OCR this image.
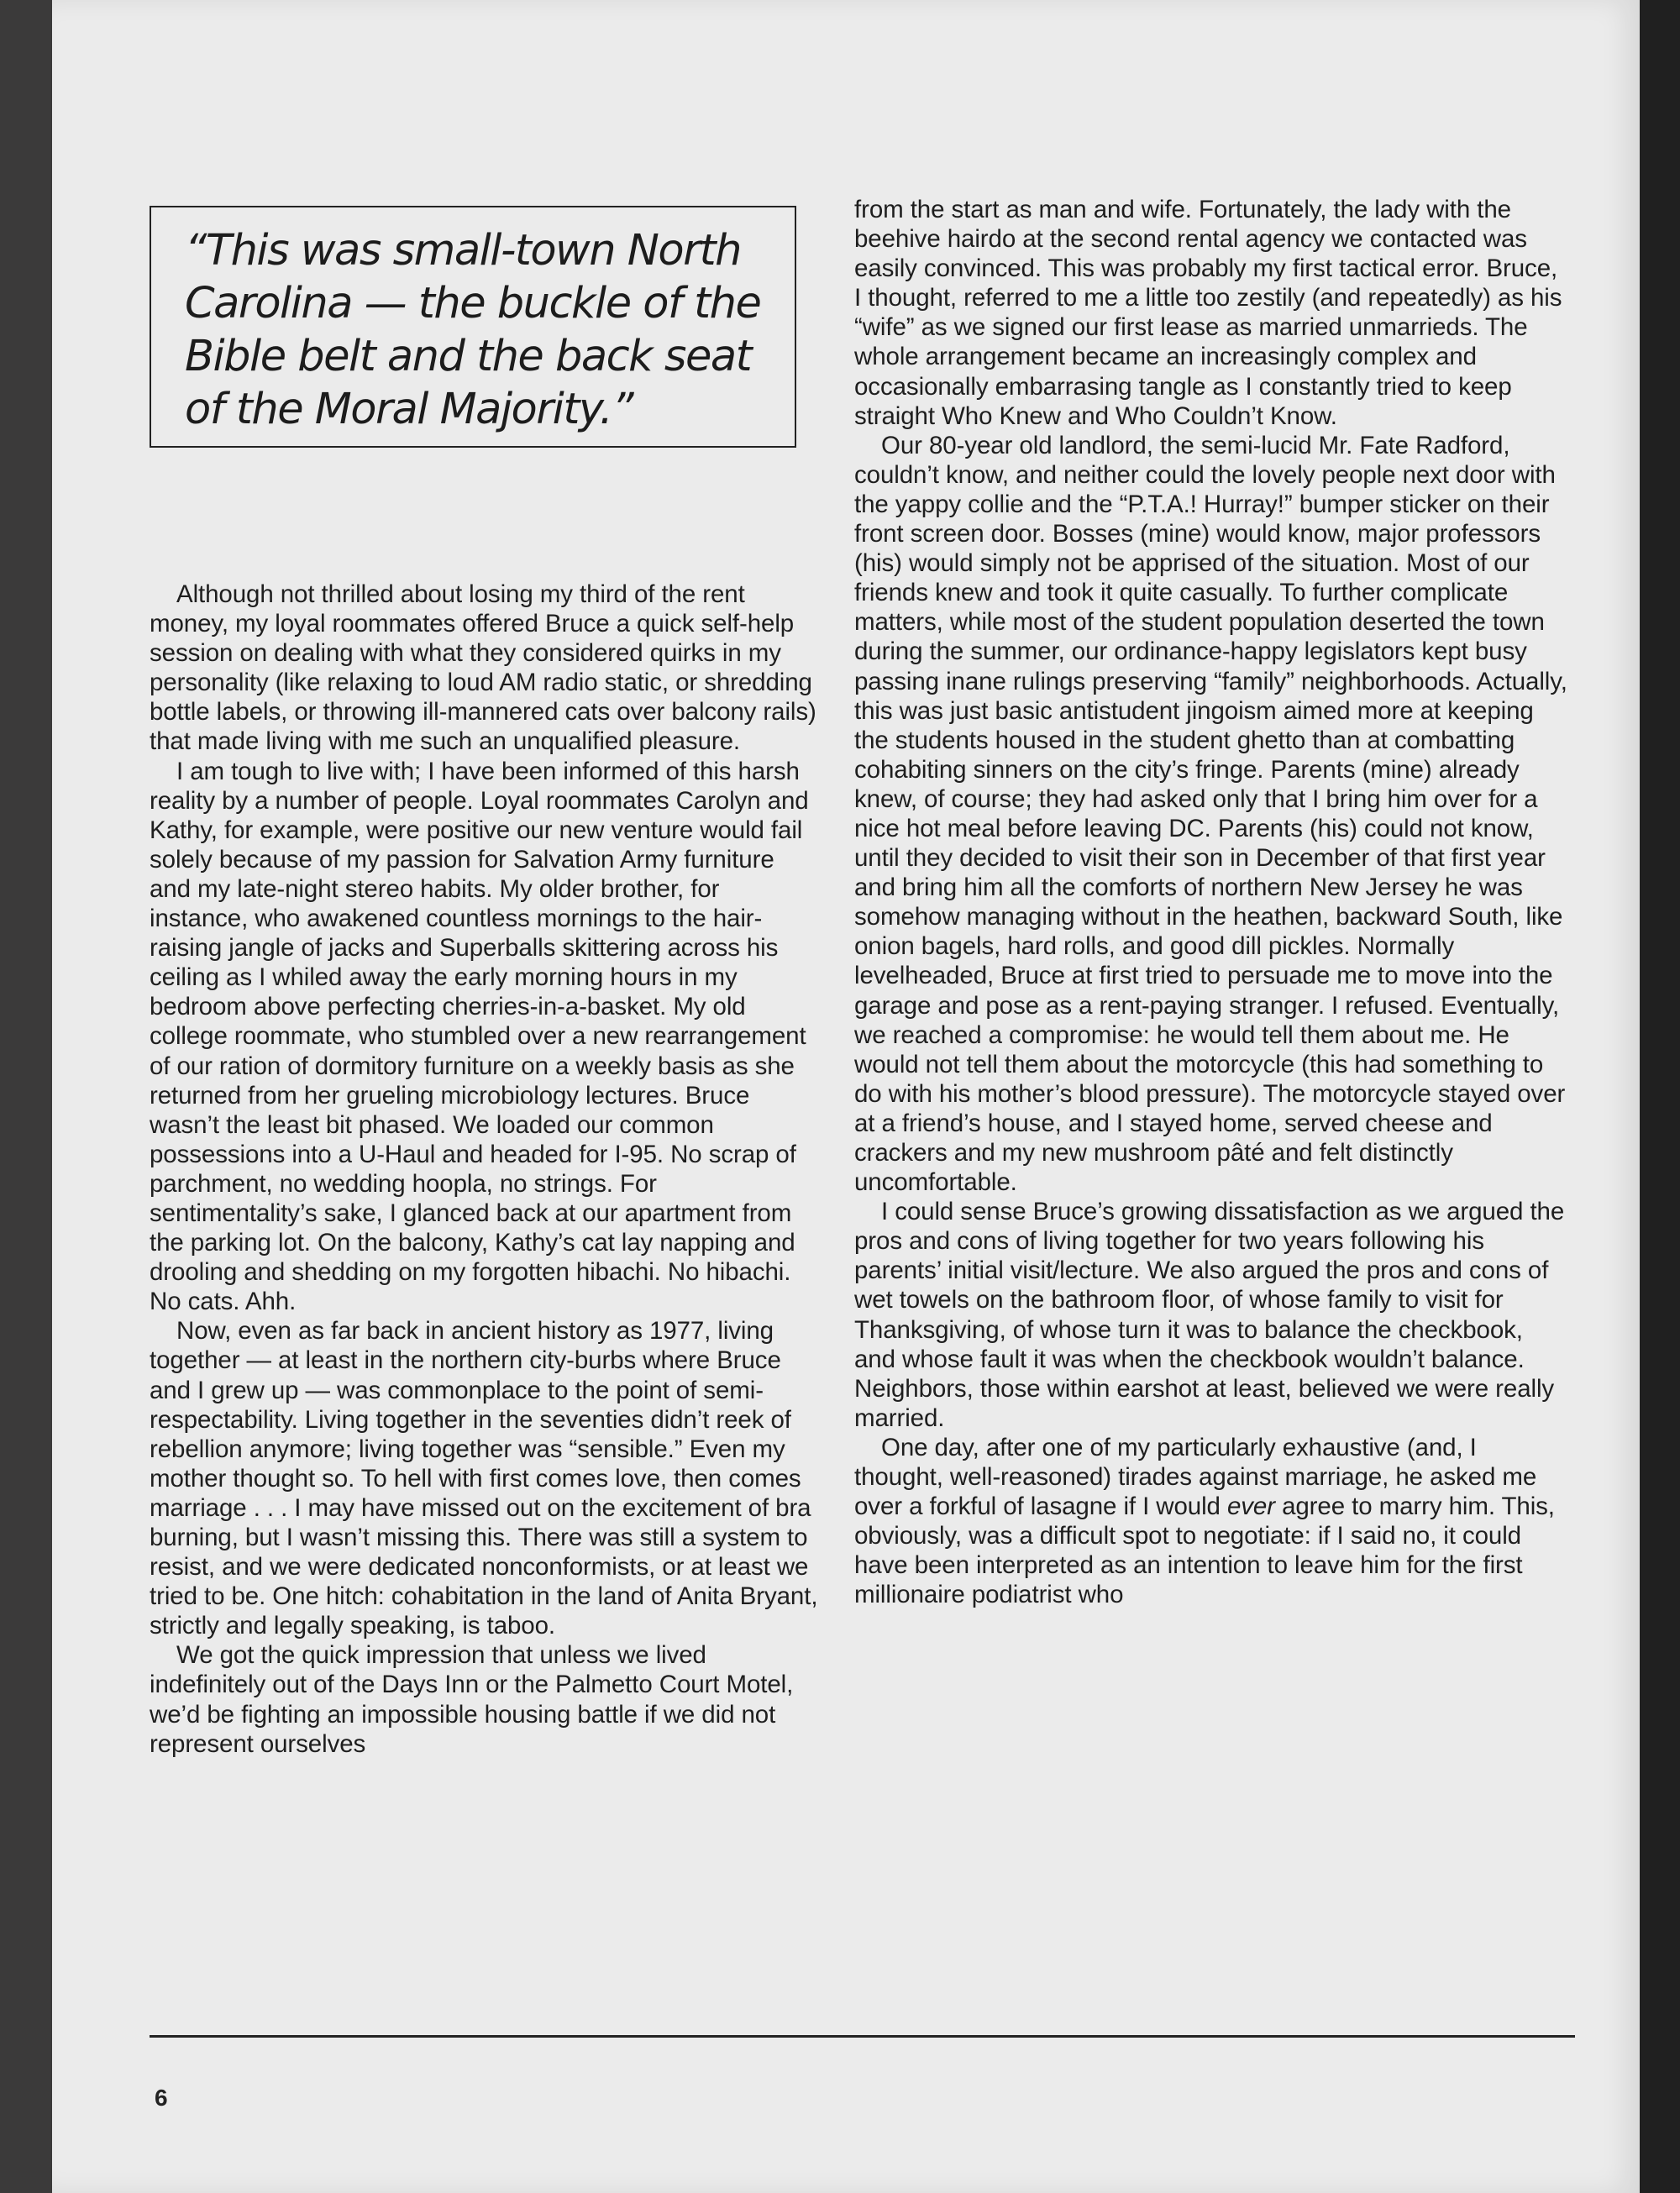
“This was small-town North Carolina — the buckle of the Bible belt and the back seat of the Moral Majority.”

Although not thrilled about losing my third of the rent money, my loyal roommates offered Bruce a quick self-help session on dealing with what they considered quirks in my personality (like relaxing to loud AM radio static, or shredding bottle labels, or throwing ill-mannered cats over balcony rails) that made living with me such an unqualified pleasure.

I am tough to live with; I have been informed of this harsh reality by a number of people. Loyal roommates Carolyn and Kathy, for example, were positive our new venture would fail solely because of my passion for Salvation Army furniture and my late-night stereo habits. My older brother, for instance, who awakened countless mornings to the hair-raising jangle of jacks and Superballs skittering across his ceiling as I whiled away the early morning hours in my bedroom above perfecting cherries-in-a-basket. My old college roommate, who stumbled over a new rearrangement of our ration of dormitory furniture on a weekly basis as she returned from her grueling microbiology lectures. Bruce wasn’t the least bit phased. We loaded our common possessions into a U-Haul and headed for I-95. No scrap of parchment, no wedding hoopla, no strings. For sentimentality’s sake, I glanced back at our apartment from the parking lot. On the balcony, Kathy’s cat lay napping and drooling and shedding on my forgotten hibachi. No hibachi. No cats. Ahh.

Now, even as far back in ancient history as 1977, living together — at least in the northern city-burbs where Bruce and I grew up — was commonplace to the point of semi-respectability. Living together in the seventies didn’t reek of rebellion anymore; living together was “sensible.” Even my mother thought so. To hell with first comes love, then comes marriage . . . I may have missed out on the excitement of bra burning, but I wasn’t missing this. There was still a system to resist, and we were dedicated nonconformists, or at least we tried to be. One hitch: cohabitation in the land of Anita Bryant, strictly and legally speaking, is taboo.

We got the quick impression that unless we lived indefinitely out of the Days Inn or the Palmetto Court Motel, we’d be fighting an impossible housing battle if we did not represent ourselves

from the start as man and wife. Fortunately, the lady with the beehive hairdo at the second rental agency we contacted was easily convinced. This was probably my first tactical error. Bruce, I thought, referred to me a little too zestily (and repeatedly) as his “wife” as we signed our first lease as married unmarrieds. The whole arrangement became an increasingly complex and occasionally embarrasing tangle as I constantly tried to keep straight Who Knew and Who Couldn’t Know.

Our 80-year old landlord, the semi-lucid Mr. Fate Radford, couldn’t know, and neither could the lovely people next door with the yappy collie and the “P.T.A.! Hurray!” bumper sticker on their front screen door. Bosses (mine) would know, major professors (his) would simply not be apprised of the situation. Most of our friends knew and took it quite casually. To further complicate matters, while most of the student population deserted the town during the summer, our ordinance-happy legislators kept busy passing inane rulings preserving “family” neighborhoods. Actually, this was just basic antistudent jingoism aimed more at keeping the students housed in the student ghetto than at combatting cohabiting sinners on the city’s fringe. Parents (mine) already knew, of course; they had asked only that I bring him over for a nice hot meal before leaving DC. Parents (his) could not know, until they decided to visit their son in December of that first year and bring him all the comforts of northern New Jersey he was somehow managing without in the heathen, backward South, like onion bagels, hard rolls, and good dill pickles. Normally levelheaded, Bruce at first tried to persuade me to move into the garage and pose as a rent-paying stranger. I refused. Eventually, we reached a compromise: he would tell them about me. He would not tell them about the motorcycle (this had something to do with his mother’s blood pressure). The motorcycle stayed over at a friend’s house, and I stayed home, served cheese and crackers and my new mushroom pâté and felt distinctly uncomfortable.

I could sense Bruce’s growing dissatisfaction as we argued the pros and cons of living together for two years following his parents’ initial visit/lecture. We also argued the pros and cons of wet towels on the bathroom floor, of whose family to visit for Thanksgiving, of whose turn it was to balance the checkbook, and whose fault it was when the checkbook wouldn’t balance. Neighbors, those within earshot at least, believed we were really married.

One day, after one of my particularly exhaustive (and, I thought, well-reasoned) tirades against marriage, he asked me over a forkful of lasagne if I would ever agree to marry him. This, obviously, was a difficult spot to negotiate: if I said no, it could have been interpreted as an intention to leave him for the first millionaire podiatrist who

6
